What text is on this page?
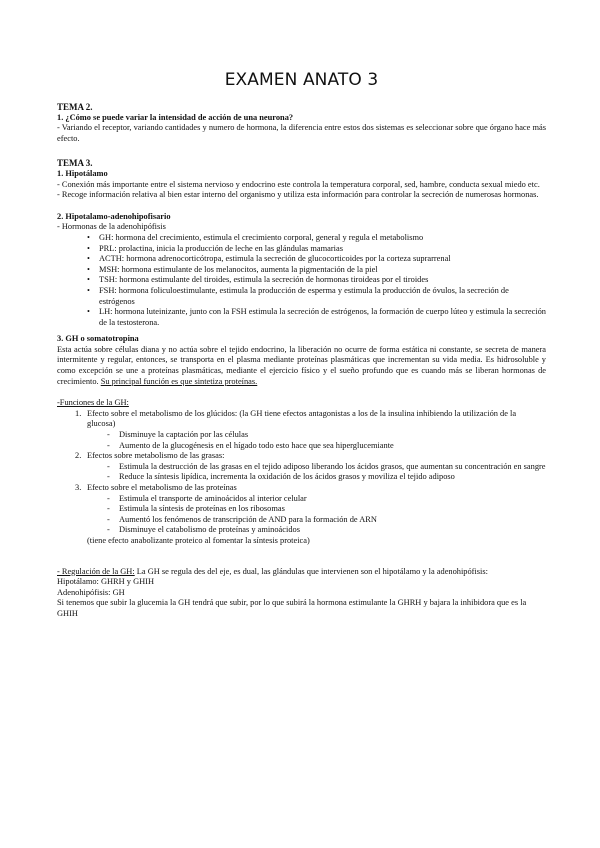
EXAMEN ANATO 3
TEMA 2.
1. ¿Cómo se puede variar la intensidad de acción de una neurona?

- Variando el receptor, variando cantidades y numero de hormona, la diferencia entre estos dos sistemas es seleccionar sobre que órgano hace más efecto.

TEMA 3.
1. Hipotálamo

- Conexión más importante entre el sistema nervioso y endocrino este controla la temperatura corporal, sed, hambre, conducta sexual miedo etc.

- Recoge información relativa al bien estar interno del organismo y utiliza esta información para controlar la secreción de numerosas hormonas.

2. Hipotalamo-adenohipofisario
- Hormonas de la adenohipófisis
• GH: hormona del crecimiento, estimula el crecimiento corporal, general y regula el metabolismo
• PRL: prolactina, inicia la producción de leche en las glándulas mamarias
• ACTH: hormona adrenocorticótropa, estimula la secreción de glucocorticoides por la corteza suprarrenal
• MSH: hormona estimulante de los melanocitos, aumenta la pigmentación de la piel
• TSH: hormona estimulante del tiroides, estimula la secreción de hormonas tiroideas por el tiroides
• FSH: hormona foliculoestimulante, estimula la producción de esperma y estimula la producción de óvulos, la secreción de estrógenos
• LH: hormona luteinizante, junto con la FSH estimula la secreción de estrógenos, la formación de cuerpo lúteo y estimula la secreción de la testosterona.
3. GH o somatotropina

Esta actúa sobre células diana y no actúa sobre el tejido endocrino, la liberación no ocurre de forma estática ni constante, se secreta de manera intermitente y regular, entonces, se transporta en el plasma mediante proteínas plasmáticas que incrementan su vida media. Es hidrosoluble y como excepción se une a proteínas plasmáticas, mediante el ejercicio físico y el sueño profundo que es cuando más se liberan hormonas de crecimiento. Su principal función es que sintetiza proteínas.

-Funciones de la GH:
1. Efecto sobre el metabolismo de los glúcidos: (la GH tiene efectos antagonistas a los de la insulina inhibiendo la utilización de la glucosa)
- Disminuye la captación por las células
- Aumento de la glucogénesis en el hígado todo esto hace que sea hiperglucemiante
2. Efectos sobre metabolismo de las grasas:
- Estimula la destrucción de las grasas en el tejido adiposo liberando los ácidos grasos, que aumentan su concentración en sangre
- Reduce la síntesis lipídica, incrementa la oxidación de los ácidos grasos y moviliza el tejido adiposo
3. Efecto sobre el metabolismo de las proteínas
- Estimula el transporte de aminoácidos al interior celular
- Estimula la síntesis de proteínas en los ribosomas
- Aumentó los fenómenos de transcripción de AND para la formación de ARN
- Disminuye el catabolismo de proteínas y aminoácidos
(tiene efecto anabolizante proteico al fomentar la síntesis proteica)

- Regulación de la GH: La GH se regula des del eje, es dual, las glándulas que intervienen son el hipotálamo y la adenohipófisis:

Hipotálamo: GHRH y GHIH
Adenohipófisis: GH

Si tenemos que subir la glucemia la GH tendrá que subir, por lo que subirá la hormona estimulante la GHRH y bajara la inhibidora que es la GHIH
